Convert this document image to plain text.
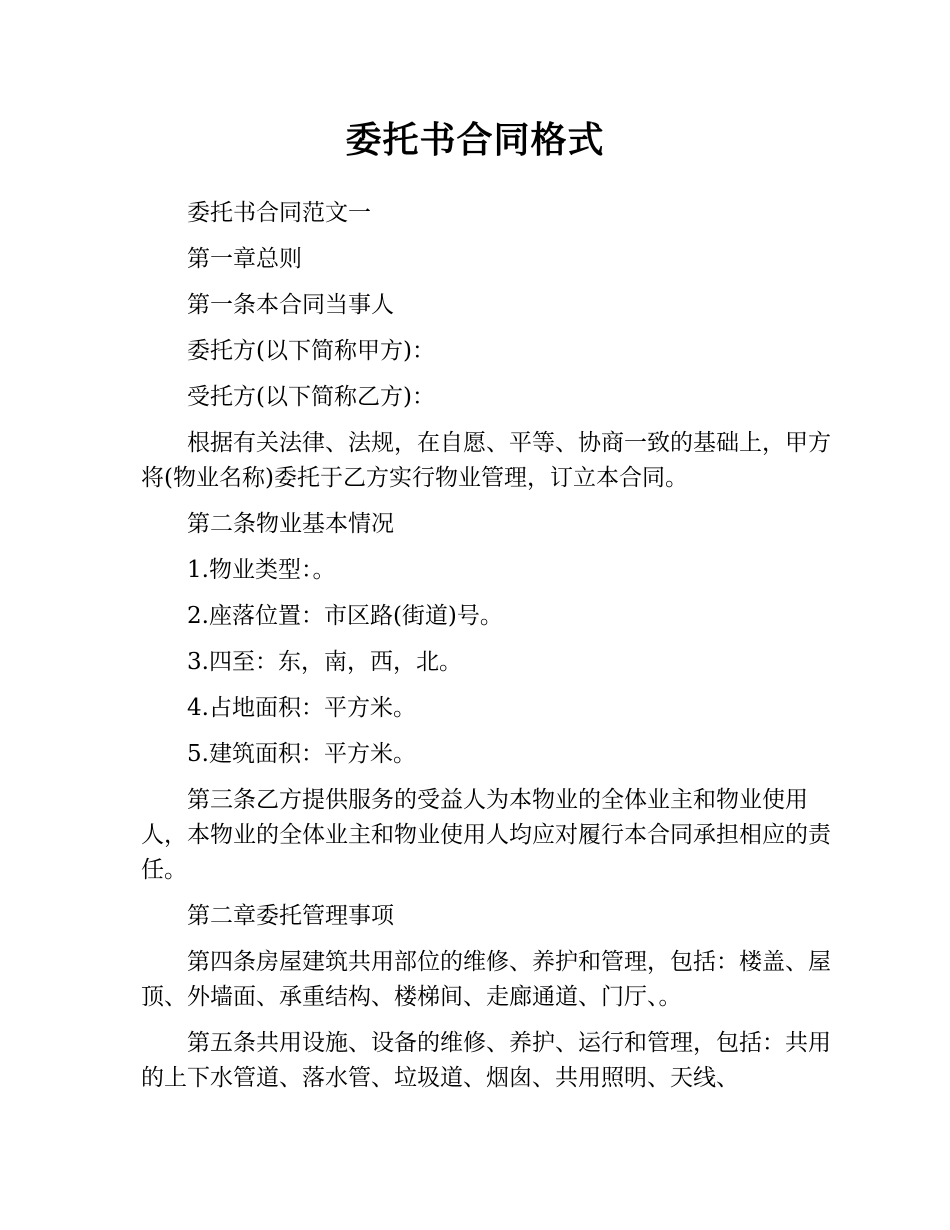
委托书合同格式

委托书合同范文一

第一章总则

第一条本合同当事人

委托方(以下简称甲方)：

受托方(以下简称乙方)：

根据有关法律、法规，在自愿、平等、协商一致的基础上，甲方将(物业名称)委托于乙方实行物业管理，订立本合同。

第二条物业基本情况

1.物业类型：。

2.座落位置：市区路(街道)号。

3.四至：东，南，西，北。

4.占地面积：平方米。

5.建筑面积：平方米。

第三条乙方提供服务的受益人为本物业的全体业主和物业使用人，本物业的全体业主和物业使用人均应对履行本合同承担相应的责任。

第二章委托管理事项

第四条房屋建筑共用部位的维修、养护和管理，包括：楼盖、屋顶、外墙面、承重结构、楼梯间、走廊通道、门厅、。

第五条共用设施、设备的维修、养护、运行和管理，包括：共用的上下水管道、落水管、垃圾道、烟囱、共用照明、天线、
